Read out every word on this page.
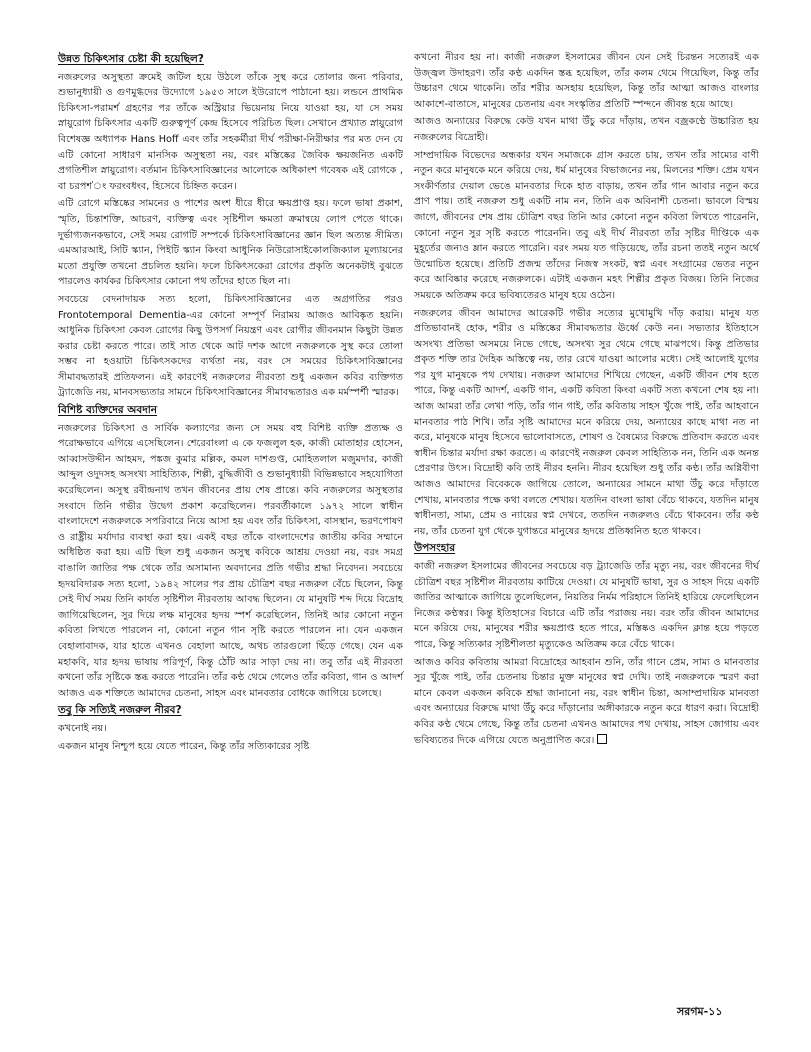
উন্নত চিকিৎসার চেষ্টা কী হয়েছিল?

নজরুলের অসুস্থতা ক্রমেই জটিল হয়ে উঠলে তাঁকে সুস্থ করে তোলার জন্য পরিবার, শুভানুধ্যায়ী ও গুণমুগ্ধদের উদ্যোগে ১৯৫৩ সালে ইউরোপে পাঠানো হয়। লন্ডনে প্রাথমিক চিকিৎসা-পরামর্শ গ্রহণের পর তাঁকে অস্ট্রিয়ার ভিয়েনায় নিয়ে যাওয়া হয়, যা সে সময় স্নায়ুরোগ চিকিৎসার একটি গুরুত্বপূর্ণ কেন্দ্র হিসেবে পরিচিত ছিল। সেখানে প্রখ্যাত স্নায়ুরোগ বিশেষজ্ঞ অধ্যাপক Hans Hoff এবং তাঁর সহকর্মীরা দীর্ঘ পরীক্ষা-নিরীক্ষার পর মত দেন যে এটি কোনো সাধারণ মানসিক অসুস্থতা নয়, বরং মস্তিষ্কের জৈবিক ক্ষয়জনিত একটি প্রগতিশীল স্নায়ুরোগ। বর্তমান চিকিৎসাবিজ্ঞানের আলোকে অধিকাংশ গবেষক এই রোগকে , বা চরপশ'ং ফরংবধংব, হিসেবে চিহ্নিত করেন।

এটি রোগে মস্তিষ্কের সামনের ও পাশের অংশ ধীরে ধীরে ক্ষয়প্রাপ্ত হয়। ফলে ভাষা প্রকাশ, স্মৃতি, চিন্তাশক্তি, আচরণ, ব্যক্তিত্ব এবং সৃষ্টিশীল ক্ষমতা ক্রমান্বয়ে লোপ পেতে থাকে। দুর্ভাগ্যজনকভাবে, সেই সময় রোগটি সম্পর্কে চিকিৎসাবিজ্ঞানের জ্ঞান ছিল অত্যন্ত সীমিত। এমআরআই, সিটি স্ক্যান, পিইটি স্ক্যান কিংবা আধুনিক নিউরোসাইকোলজিক্যাল মূল্যায়নের মতো প্রযুক্তি তখনো প্রচলিত হয়নি। ফলে চিকিৎসকেরা রোগের প্রকৃতি অনেকটাই বুঝতে পারলেও কার্যকর চিকিৎসার কোনো পথ তাঁদের হাতে ছিল না।

সবচেয়ে বেদনাদায়ক সত্য হলো, চিকিৎসাবিজ্ঞানের এত অগ্রগতির পরও Frontotemporal Dementia-এর কোনো সম্পূর্ণ নিরাময় আজও আবিষ্কৃত হয়নি। আধুনিক চিকিৎসা কেবল রোগের কিছু উপসর্গ নিয়ন্ত্রণ এবং রোগীর জীবনমান কিছুটা উন্নত করার চেষ্টা করতে পারে। তাই সাত থেকে আট দশক আগে নজরুলকে সুস্থ করে তোলা সম্ভব না হওয়াটা চিকিৎসকদের ব্যর্থতা নয়, বরং সে সময়ের চিকিৎসাবিজ্ঞানের সীমাবদ্ধতারই প্রতিফলন। এই কারণেই নজরুলের নীরবতা শুধু একজন কবির ব্যক্তিগত ট্র্যাজেডি নয়, মানবসভ্যতার সামনে চিকিৎসাবিজ্ঞানের সীমাবদ্ধতারও এক মর্মস্পর্শী স্মারক।

বিশিষ্ট ব্যক্তিদের অবদান

নজরুলের চিকিৎসা ও সার্বিক কল্যাণের জন্য সে সময় বহু বিশিষ্ট ব্যক্তি প্রত্যক্ষ ও পরোক্ষভাবে এগিয়ে এসেছিলেন। শেরেবাংলা এ কে ফজলুল হক, কাজী মোতাহার হোসেন, আব্বাসউদ্দীন আহমদ, পঙ্কজ কুমার মল্লিক, কমল দাশগুপ্ত, মোহিতলাল মজুমদার, কাজী আব্দুল ওদুদসহ অসংখ্য সাহিত্যিক, শিল্পী, বুদ্ধিজীবী ও শুভানুধ্যায়ী বিভিন্নভাবে সহযোগিতা করেছিলেন। অসুস্থ রবীন্দ্রনাথ তখন জীবনের প্রায় শেষ প্রান্তে। কবি নজরুলের অসুস্থতার সংবাদে তিনি গভীর উদ্বেগ প্রকাশ করেছিলেন। পরবর্তীকালে ১৯৭২ সালে স্বাধীন বাংলাদেশে নজরুলকে সপরিবারে নিয়ে আসা হয় এবং তাঁর চিকিৎসা, বাসস্থান, ভরণপোষণ ও রাষ্ট্রীয় মর্যাদার ব্যবস্থা করা হয়। একই বছর তাঁকে বাংলাদেশের জাতীয় কবির সম্মানে অধিষ্ঠিত করা হয়। এটি ছিল শুধু একজন অসুস্থ কবিকে আশ্রয় দেওয়া নয়, বরং সমগ্র বাঙালি জাতির পক্ষ থেকে তাঁর অসামান্য অবদানের প্রতি গভীর শ্রদ্ধা নিবেদন। সবচেয়ে হৃদয়বিদারক সত্য হলো, ১৯৪২ সালের পর প্রায় চৌত্রিশ বছর নজরুল বেঁচে ছিলেন, কিন্তু সেই দীর্ঘ সময় তিনি কার্যত সৃষ্টিশীল নীরবতায় আবদ্ধ ছিলেন। যে মানুষটি শব্দ দিয়ে বিদ্রোহ জাগিয়েছিলেন, সুর দিয়ে লক্ষ মানুষের হৃদয় স্পর্শ করেছিলেন, তিনিই আর কোনো নতুন কবিতা লিখতে পারলেন না, কোনো নতুন গান সৃষ্টি করতে পারলেন না। যেন একজন বেহালাবাদক, যার হাতে এখনও বেহালা আছে, অথচ তারগুলো ছিঁড়ে গেছে। যেন এক মহাকবি, যার হৃদয় ভাষায় পরিপূর্ণ, কিন্তু ঠোঁট আর সাড়া দেয় না। তবু তাঁর এই নীরবতা কখনো তাঁর সৃষ্টিকে স্তব্ধ করতে পারেনি। তাঁর কণ্ঠ থেমে গেলেও তাঁর কবিতা, গান ও আদর্শ আজও এক শক্তিতে আমাদের চেতনা, সাহস এবং মানবতার বোধকে জাগিয়ে চলেছে।

তবু কি সত্যিই নজরুল নীরব?

কখনোই নয়।

একজন মানুষ নিশ্চুপ হয়ে যেতে পারেন, কিন্তু তাঁর সত্যিকারের সৃষ্টি

কখনো নীরব হয় না। কাজী নজরুল ইসলামের জীবন যেন সেই চিরন্তন সত্যেরই এক উজ্জ্বল উদাহরণ। তাঁর কণ্ঠ একদিন স্তব্ধ হয়েছিল, তাঁর কলম থেমে গিয়েছিল, কিন্তু তাঁর উচ্চারণ থেমে থাকেনি। তাঁর শরীর অসহায় হয়েছিল, কিন্তু তাঁর আত্মা আজও বাংলার আকাশে-বাতাসে, মানুষের চেতনায় এবং সংস্কৃতির প্রতিটি স্পন্দনে জীবন্ত হয়ে আছে।

আজও অন্যায়ের বিরুদ্ধে কেউ যখন মাথা উঁচু করে দাঁড়ায়, তখন বজ্রকণ্ঠে উচ্চারিত হয় নজরুলের বিদ্রোহী।

সাম্প্রদায়িক বিভেদের অন্ধকার যখন সমাজকে গ্রাস করতে চায়, তখন তাঁর সাম্যের বাণী নতুন করে মানুষকে মনে করিয়ে দেয়, ধর্ম মানুষের বিভাজনের নয়, মিলনের শক্তি। প্রেম যখন সংকীর্ণতার দেয়াল ভেঙে মানবতার দিকে হাত বাড়ায়, তখন তাঁর গান আবার নতুন করে প্রাণ পায়। তাই নজরুল শুধু একটি নাম নন, তিনি এক অবিনাশী চেতনা। ভাবলে বিস্ময় জাগে, জীবনের শেষ প্রায় চৌত্রিশ বছর তিনি আর কোনো নতুন কবিতা লিখতে পারেননি, কোনো নতুন সুর সৃষ্টি করতে পারেননি। তবু এই দীর্ঘ নীরবতা তাঁর সৃষ্টির দীপ্তিকে এক মুহূর্তের জন্যও ম্লান করতে পারেনি। বরং সময় যত গড়িয়েছে, তাঁর রচনা ততই নতুন অর্থে উন্মোচিত হয়েছে। প্রতিটি প্রজন্ম তাঁদের নিজস্ব সংকট, স্বপ্ন এবং সংগ্রামের ভেতর নতুন করে আবিষ্কার করেছে নজরুলকে। এটাই একজন মহৎ শিল্পীর প্রকৃত বিজয়। তিনি নিজের সময়কে অতিক্রম করে ভবিষ্যতেরও মানুষ হয়ে ওঠেন।

নজরুলের জীবন আমাদের আরেকটি গভীর সত্যের মুখোমুখি দাঁড় করায়। মানুষ যত প্রতিভাবানই হোক, শরীর ও মস্তিষ্কের সীমাবদ্ধতার ঊর্ধ্বে কেউ নন। সভ্যতার ইতিহাসে অসংখ্য প্রতিভা অসময়ে নিভে গেছে, অসংখ্য সুর থেমে গেছে মাঝপথে। কিন্তু প্রতিভার প্রকৃত শক্তি তার দৈহিক অস্তিত্বে নয়, তার রেখে যাওয়া আলোর মধ্যে। সেই আলোই যুগের পর যুগ মানুষকে পথ দেখায়। নজরুল আমাদের শিখিয়ে গেছেন, একটি জীবন শেষ হতে পারে, কিন্তু একটি আদর্শ, একটি গান, একটি কবিতা কিংবা একটি সত্য কখনো শেষ হয় না। আজ আমরা তাঁর লেখা পড়ি, তাঁর গান গাই, তাঁর কবিতায় সাহস খুঁজে পাই, তাঁর আহবানে মানবতার পাঠ শিখি। তাঁর সৃষ্টি আমাদের মনে করিয়ে দেয়, অন্যায়ের কাছে মাথা নত না করে, মানুষকে মানুষ হিসেবে ভালোবাসতে, শোষণ ও বৈষম্যের বিরুদ্ধে প্রতিবাদ করতে এবং স্বাধীন চিন্তার মর্যাদা রক্ষা করতে। এ কারণেই নজরুল কেবল সাহিত্যিক নন, তিনি এক অনন্ত প্রেরণার উৎস। বিদ্রোহী কবি তাই নীরব হননি। নীরব হয়েছিল শুধু তাঁর কণ্ঠ। তাঁর অগ্নিবীণা আজও আমাদের বিবেককে জাগিয়ে তোলে, অন্যায়ের সামনে মাথা উঁচু করে দাঁড়াতে শেখায়, মানবতার পক্ষে কথা বলতে শেখায়। যতদিন বাংলা ভাষা বেঁচে থাকবে, যতদিন মানুষ স্বাধীনতা, সাম্য, প্রেম ও ন্যায়ের স্বপ্ন দেখবে, ততদিন নজরুলও বেঁচে থাকবেন। তাঁর কণ্ঠ নয়, তাঁর চেতনা যুগ থেকে যুগান্তরে মানুষের হৃদয়ে প্রতিধ্বনিত হতে থাকবে।

উপসংহার

কাজী নজরুল ইসলামের জীবনের সবচেয়ে বড় ট্র্যাজেডি তাঁর মৃত্যু নয়, বরং জীবনের দীর্ঘ চৌত্রিশ বছর সৃষ্টিশীল নীরবতায় কাটিয়ে দেওয়া। যে মানুষটি ভাষা, সুর ও সাহস দিয়ে একটি জাতির আত্মাকে জাগিয়ে তুলেছিলেন, নিয়তির নির্মম পরিহাসে তিনিই হারিয়ে ফেলেছিলেন নিজের কণ্ঠস্বর। কিন্তু ইতিহাসের বিচারে এটি তাঁর পরাজয় নয়। বরং তাঁর জীবন আমাদের মনে করিয়ে দেয়, মানুষের শরীর ক্ষয়প্রাপ্ত হতে পারে, মস্তিষ্কও একদিন ক্লান্ত হয়ে পড়তে পারে, কিন্তু সত্যিকার সৃষ্টিশীলতা মৃত্যুকেও অতিক্রম করে বেঁচে থাকে।

আজও কবির কবিতায় আমরা বিদ্রোহের আহবান শুনি, তাঁর গানে প্রেম, সাম্য ও মানবতার সুর খুঁজে পাই, তাঁর চেতনায় চিন্তার মুক্ত মানুষের স্বপ্ন দেখি। তাই নজরুলকে স্মরণ করা মানে কেবল একজন কবিকে শ্রদ্ধা জানানো নয়, বরং স্বাধীন চিন্তা, অসাম্প্রদায়িক মানবতা এবং অন্যায়ের বিরুদ্ধে মাথা উঁচু করে দাঁড়ানোর অঙ্গীকারকে নতুন করে ধারণ করা। বিদ্রোহী কবির কণ্ঠ থেমে গেছে, কিন্তু তাঁর চেতনা এখনও আমাদের পথ দেখায়, সাহস জোগায় এবং ভবিষ্যতের দিকে এগিয়ে যেতে অনুপ্রাণিত করে।

সরগম-১১
